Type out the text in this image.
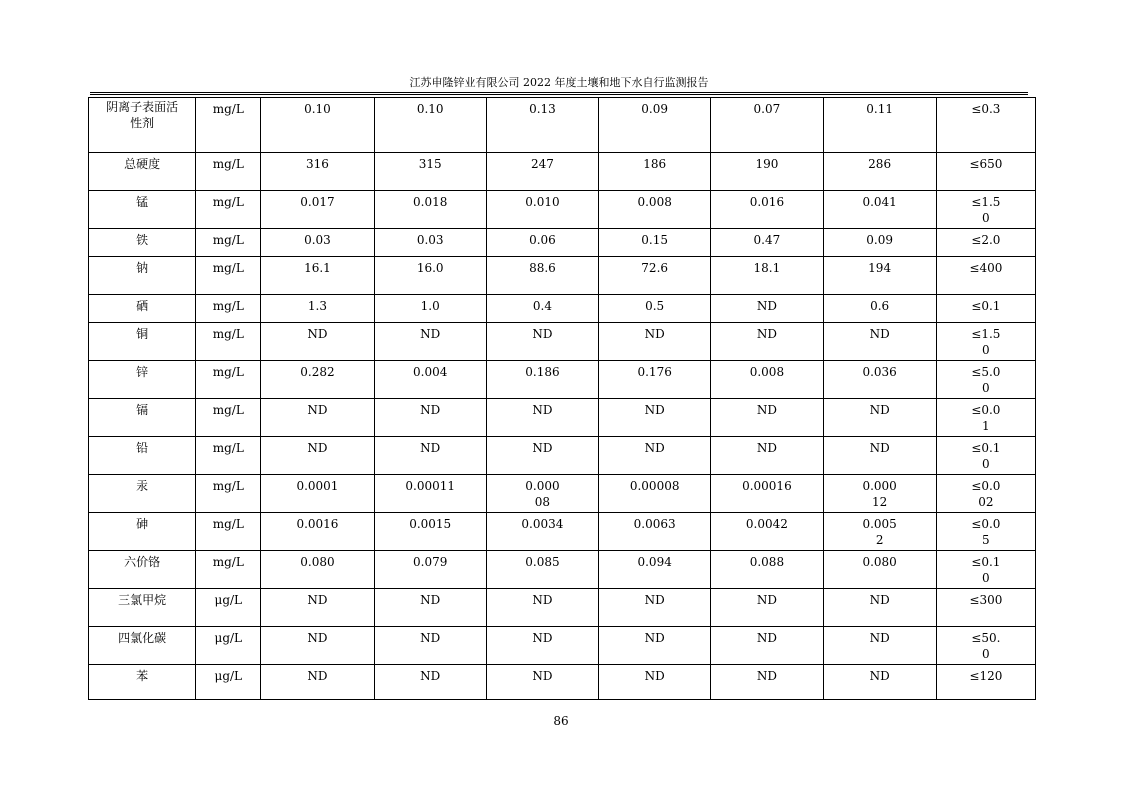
江苏申隆锌业有限公司 2022 年度土壤和地下水自行监测报告
阴离子表面活性剂	mg/L	0.10	0.10	0.13	0.09	0.07	0.11	≤0.3
总硬度	mg/L	316	315	247	186	190	286	≤650
锰	mg/L	0.017	0.018	0.010	0.008	0.016	0.041	≤1.50
铁	mg/L	0.03	0.03	0.06	0.15	0.47	0.09	≤2.0
钠	mg/L	16.1	16.0	88.6	72.6	18.1	194	≤400
硒	mg/L	1.3	1.0	0.4	0.5	ND	0.6	≤0.1
铜	mg/L	ND	ND	ND	ND	ND	ND	≤1.50
锌	mg/L	0.282	0.004	0.186	0.176	0.008	0.036	≤5.00
镉	mg/L	ND	ND	ND	ND	ND	ND	≤0.01
铅	mg/L	ND	ND	ND	ND	ND	ND	≤0.10
汞	mg/L	0.0001	0.00011	0.00008	0.00008	0.00016	0.00012	≤0.002
砷	mg/L	0.0016	0.0015	0.0034	0.0063	0.0042	0.0052	≤0.05
六价铬	mg/L	0.080	0.079	0.085	0.094	0.088	0.080	≤0.10
三氯甲烷	μg/L	ND	ND	ND	ND	ND	ND	≤300
四氯化碳	μg/L	ND	ND	ND	ND	ND	ND	≤50.0
苯	μg/L	ND	ND	ND	ND	ND	ND	≤120
86
